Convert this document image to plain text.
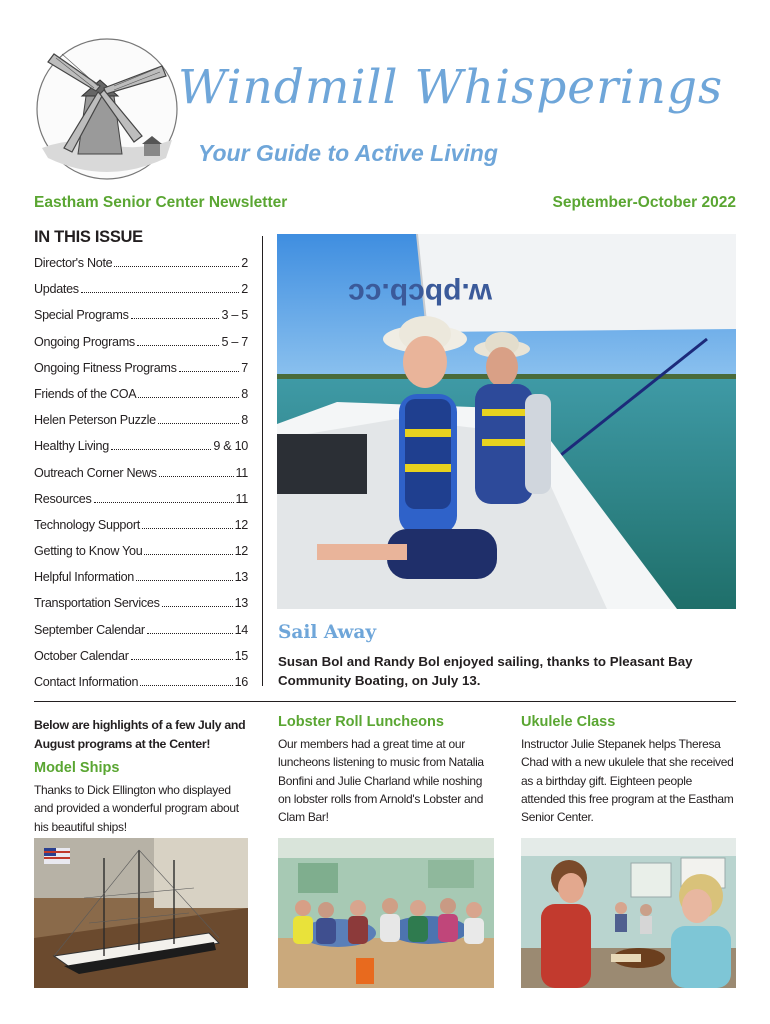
Windmill Whisperings
Your Guide to Active Living
Eastham Senior Center Newsletter	September-October 2022
IN THIS ISSUE
Director's Note	2
Updates	2
Special Programs	3 – 5
Ongoing Programs	5 – 7
Ongoing Fitness Programs	7
Friends of the COA	8
Helen Peterson Puzzle	8
Healthy Living	9 & 10
Outreach Corner News	11
Resources	11
Technology Support	12
Getting to Know You	12
Helpful Information	13
Transportation Services	13
September Calendar	14
October Calendar	15
Contact Information	16
w.pbcb.cc
Sail Away
Susan Bol and Randy Bol enjoyed sailing, thanks to Pleasant Bay Community Boating, on July 13.
Below are highlights of a few July and August programs at the Center!
Model Ships
Thanks to Dick Ellington who displayed and provided a wonderful program about his beautiful ships!
Lobster Roll Luncheons
Our members had a great time at our luncheons listening to music from Natalia Bonfini and Julie Charland while noshing on lobster rolls from Arnold's Lobster and Clam Bar!
Ukulele Class
Instructor Julie Stepanek helps Theresa Chad with a new ukulele that she received as a birthday gift. Eighteen people attended this free program at the Eastham Senior Center.
